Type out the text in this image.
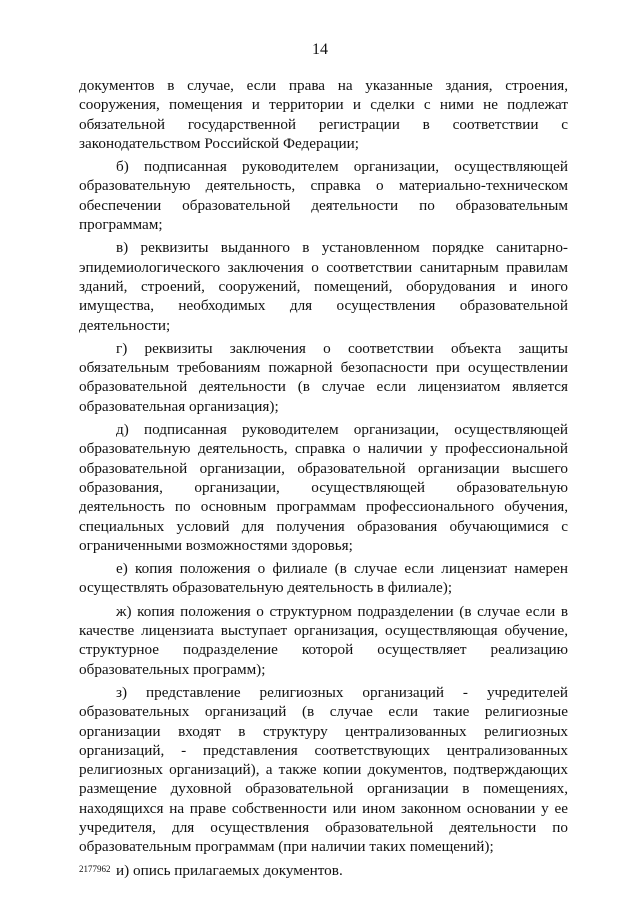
14

документов в случае, если права на указанные здания, строения, сооружения, помещения и территории и сделки с ними не подлежат обязательной государственной регистрации в соответствии с законодательством Российской Федерации;

б) подписанная руководителем организации, осуществляющей образовательную деятельность, справка о материально-техническом обеспечении образовательной деятельности по образовательным программам;

в) реквизиты выданного в установленном порядке санитарно-эпидемиологического заключения о соответствии санитарным правилам зданий, строений, сооружений, помещений, оборудования и иного имущества, необходимых для осуществления образовательной деятельности;

г) реквизиты заключения о соответствии объекта защиты обязательным требованиям пожарной безопасности при осуществлении образовательной деятельности (в случае если лицензиатом является образовательная организация);

д) подписанная руководителем организации, осуществляющей образовательную деятельность, справка о наличии у профессиональной образовательной организации, образовательной организации высшего образования, организации, осуществляющей образовательную деятельность по основным программам профессионального обучения, специальных условий для получения образования обучающимися с ограниченными возможностями здоровья;

е) копия положения о филиале (в случае если лицензиат намерен осуществлять образовательную деятельность в филиале);

ж) копия положения о структурном подразделении (в случае если в качестве лицензиата выступает организация, осуществляющая обучение, структурное подразделение которой осуществляет реализацию образовательных программ);

з) представление религиозных организаций - учредителей образовательных организаций (в случае если такие религиозные организации входят в структуру централизованных религиозных организаций, - представления соответствующих централизованных религиозных организаций), а также копии документов, подтверждающих размещение духовной образовательной организации в помещениях, находящихся на праве собственности или ином законном основании у ее учредителя, для осуществления образовательной деятельности по образовательным программам (при наличии таких помещений);

и) опись прилагаемых документов.

2177962
